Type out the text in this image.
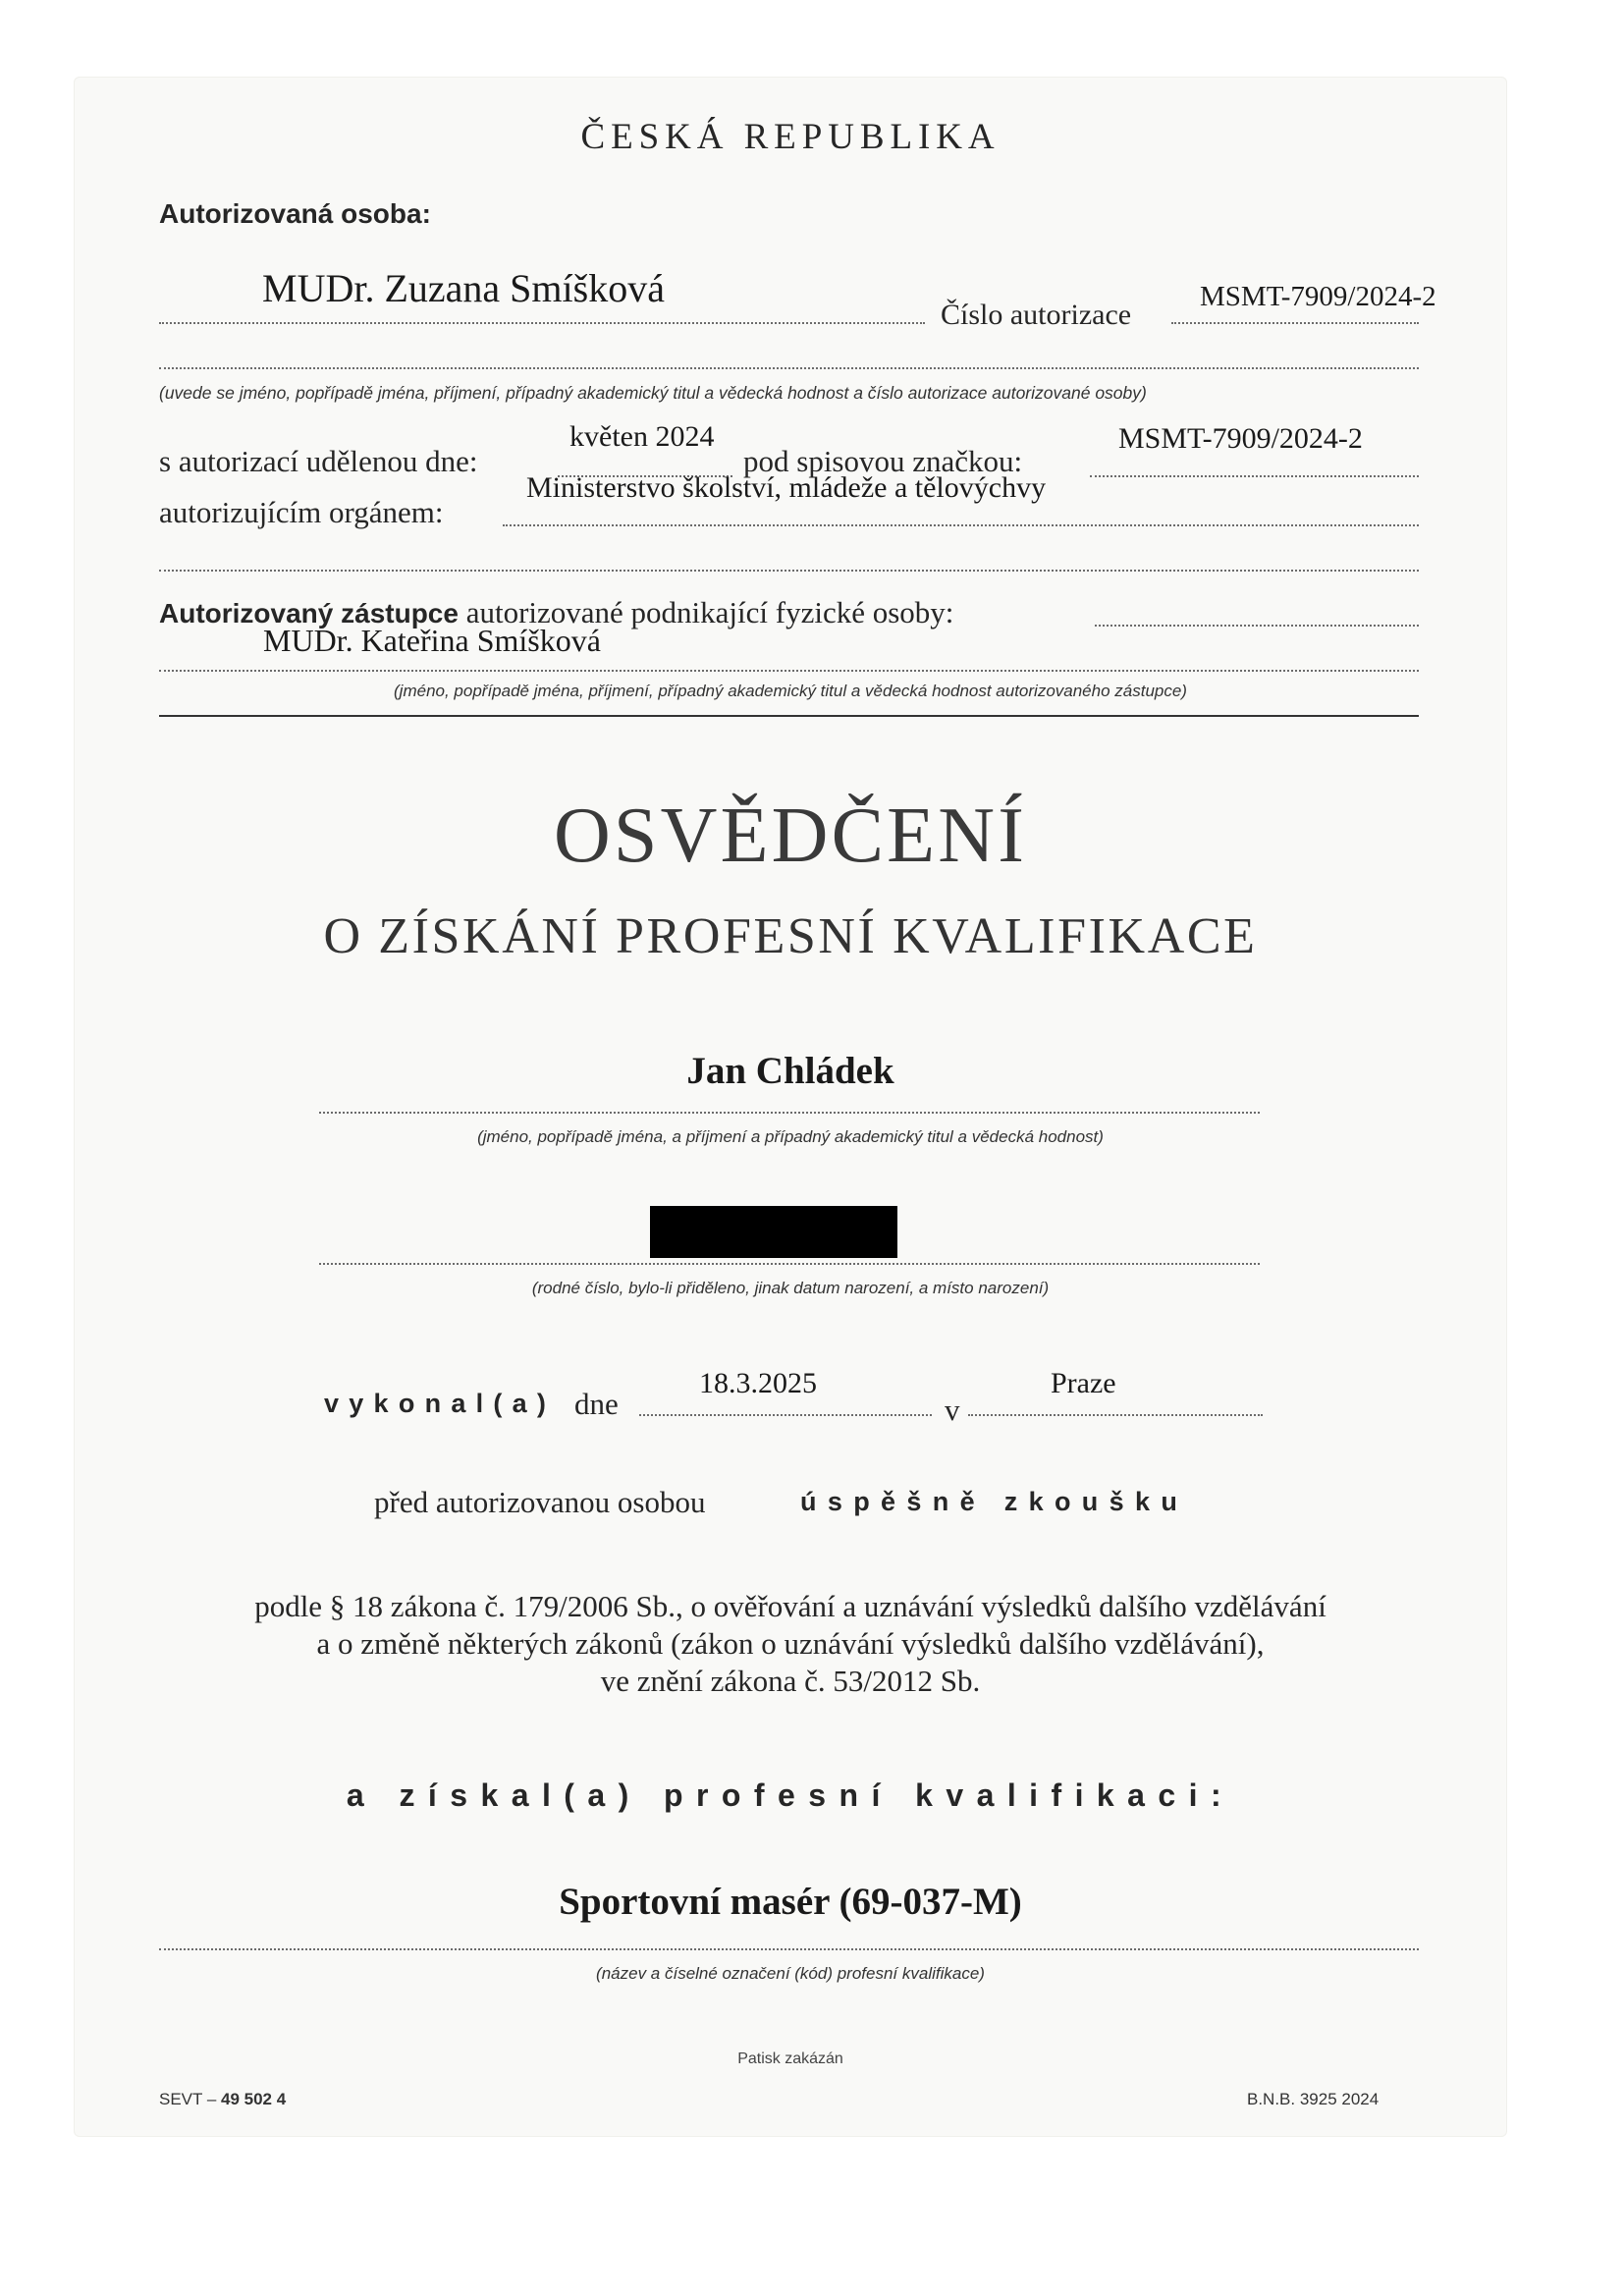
ČESKÁ REPUBLIKA
Autorizovaná osoba:
MUDr. Zuzana Smíšková
Číslo autorizace
MSMT-7909/2024-2
(uvede se jméno, popřípadě jména, příjmení, případný akademický titul a vědecká hodnost a číslo autorizace autorizované osoby)
s autorizací udělenou dne:
květen 2024
pod spisovou značkou:
MSMT-7909/2024-2
autorizujícím orgánem:
Ministerstvo školství, mládeže a tělovýchvy
Autorizovaný zástupce autorizované podnikající fyzické osoby:
MUDr. Kateřina Smíšková
(jméno, popřípadě jména, příjmení, případný akademický titul a vědecká hodnost autorizovaného zástupce)
OSVĚDČENÍ
O ZÍSKÁNÍ PROFESNÍ KVALIFIKACE
Jan Chládek
(jméno, popřípadě jména, a příjmení a případný akademický titul a vědecká hodnost)
(rodné číslo, bylo-li přiděleno, jinak datum narození, a místo narození)
vykonal(a) dne
18.3.2025
v
Praze
před autorizovanou osobou	úspěšně zkoušku
podle § 18 zákona č. 179/2006 Sb., o ověřování a uznávání výsledků dalšího vzdělávání
a o změně některých zákonů (zákon o uznávání výsledků dalšího vzdělávání),
ve znění zákona č. 53/2012 Sb.
a získal(a) profesní kvalifikaci:
Sportovní masér (69-037-M)
(název a číselné označení (kód) profesní kvalifikace)
Patisk zakázán
SEVT – 49 502 4	B.N.B. 3925 2024
